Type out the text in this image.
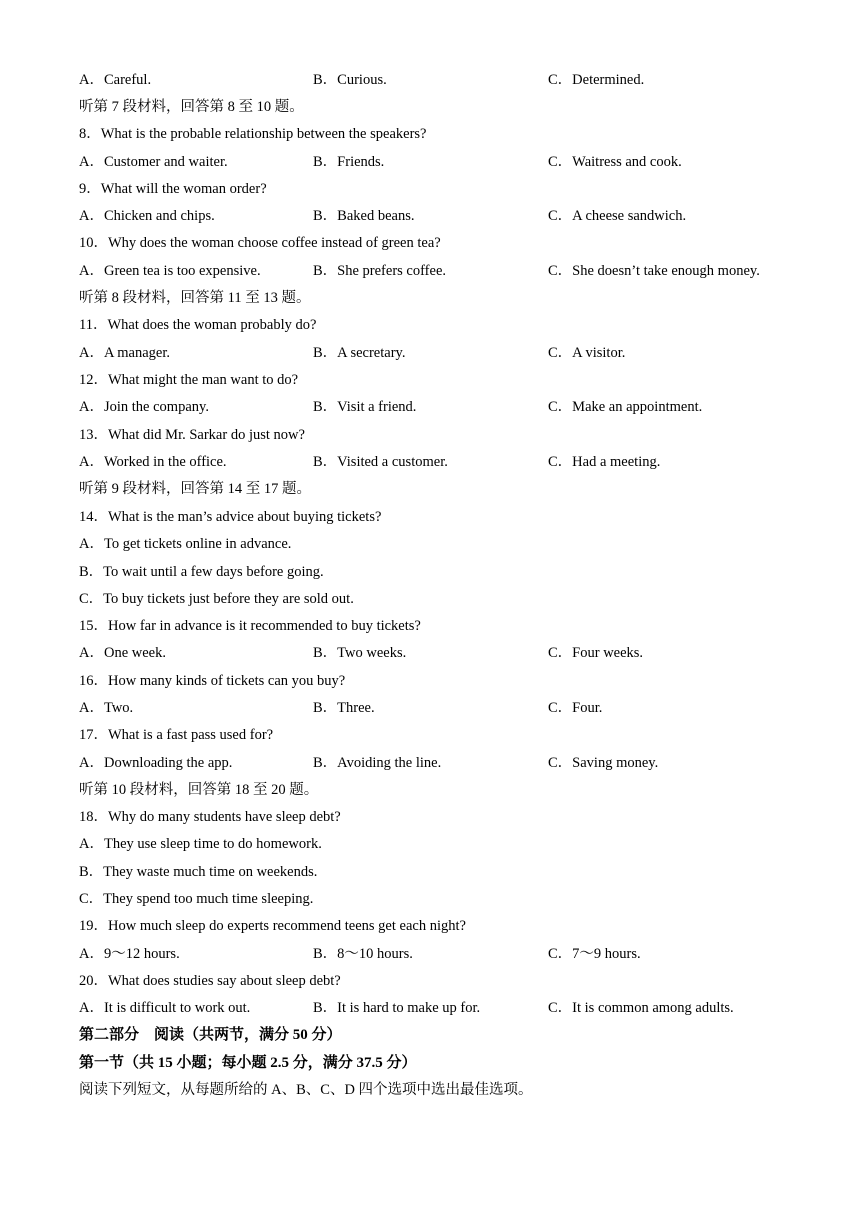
A．Careful.	B．Curious.	C．Determined.
听第 7 段材料，回答第 8 至 10 题。
8．What is the probable relationship between the speakers?
A．Customer and waiter.	B．Friends.	C．Waitress and cook.
9．What will the woman order?
A．Chicken and chips.	B．Baked beans.	C．A cheese sandwich.
10．Why does the woman choose coffee instead of green tea?
A．Green tea is too expensive.	B．She prefers coffee.	C．She doesn’t take enough money.
听第 8 段材料，回答第 11 至 13 题。
11．What does the woman probably do?
A．A manager.	B．A secretary.	C．A visitor.
12．What might the man want to do?
A．Join the company.	B．Visit a friend.	C．Make an appointment.
13．What did Mr. Sarkar do just now?
A．Worked in the office.	B．Visited a customer.	C．Had a meeting.
听第 9 段材料，回答第 14 至 17 题。
14．What is the man’s advice about buying tickets?
A．To get tickets online in advance.
B．To wait until a few days before going.
C．To buy tickets just before they are sold out.
15．How far in advance is it recommended to buy tickets?
A．One week.	B．Two weeks.	C．Four weeks.
16．How many kinds of tickets can you buy?
A．Two.	B．Three.	C．Four.
17．What is a fast pass used for?
A．Downloading the app.	B．Avoiding the line.	C．Saving money.
听第 10 段材料，回答第 18 至 20 题。
18．Why do many students have sleep debt?
A．They use sleep time to do homework.
B．They waste much time on weekends.
C．They spend too much time sleeping.
19．How much sleep do experts recommend teens get each night?
A．9～12 hours.	B．8～10 hours.	C．7～9 hours.
20．What does studies say about sleep debt?
A．It is difficult to work out.	B．It is hard to make up for.	C．It is common among adults.
第二部分　阅读（共两节，满分 50 分）
第一节（共 15 小题；每小题 2.5 分，满分 37.5 分）
阅读下列短文，从每题所给的 A、B、C、D 四个选项中选出最佳选项。
